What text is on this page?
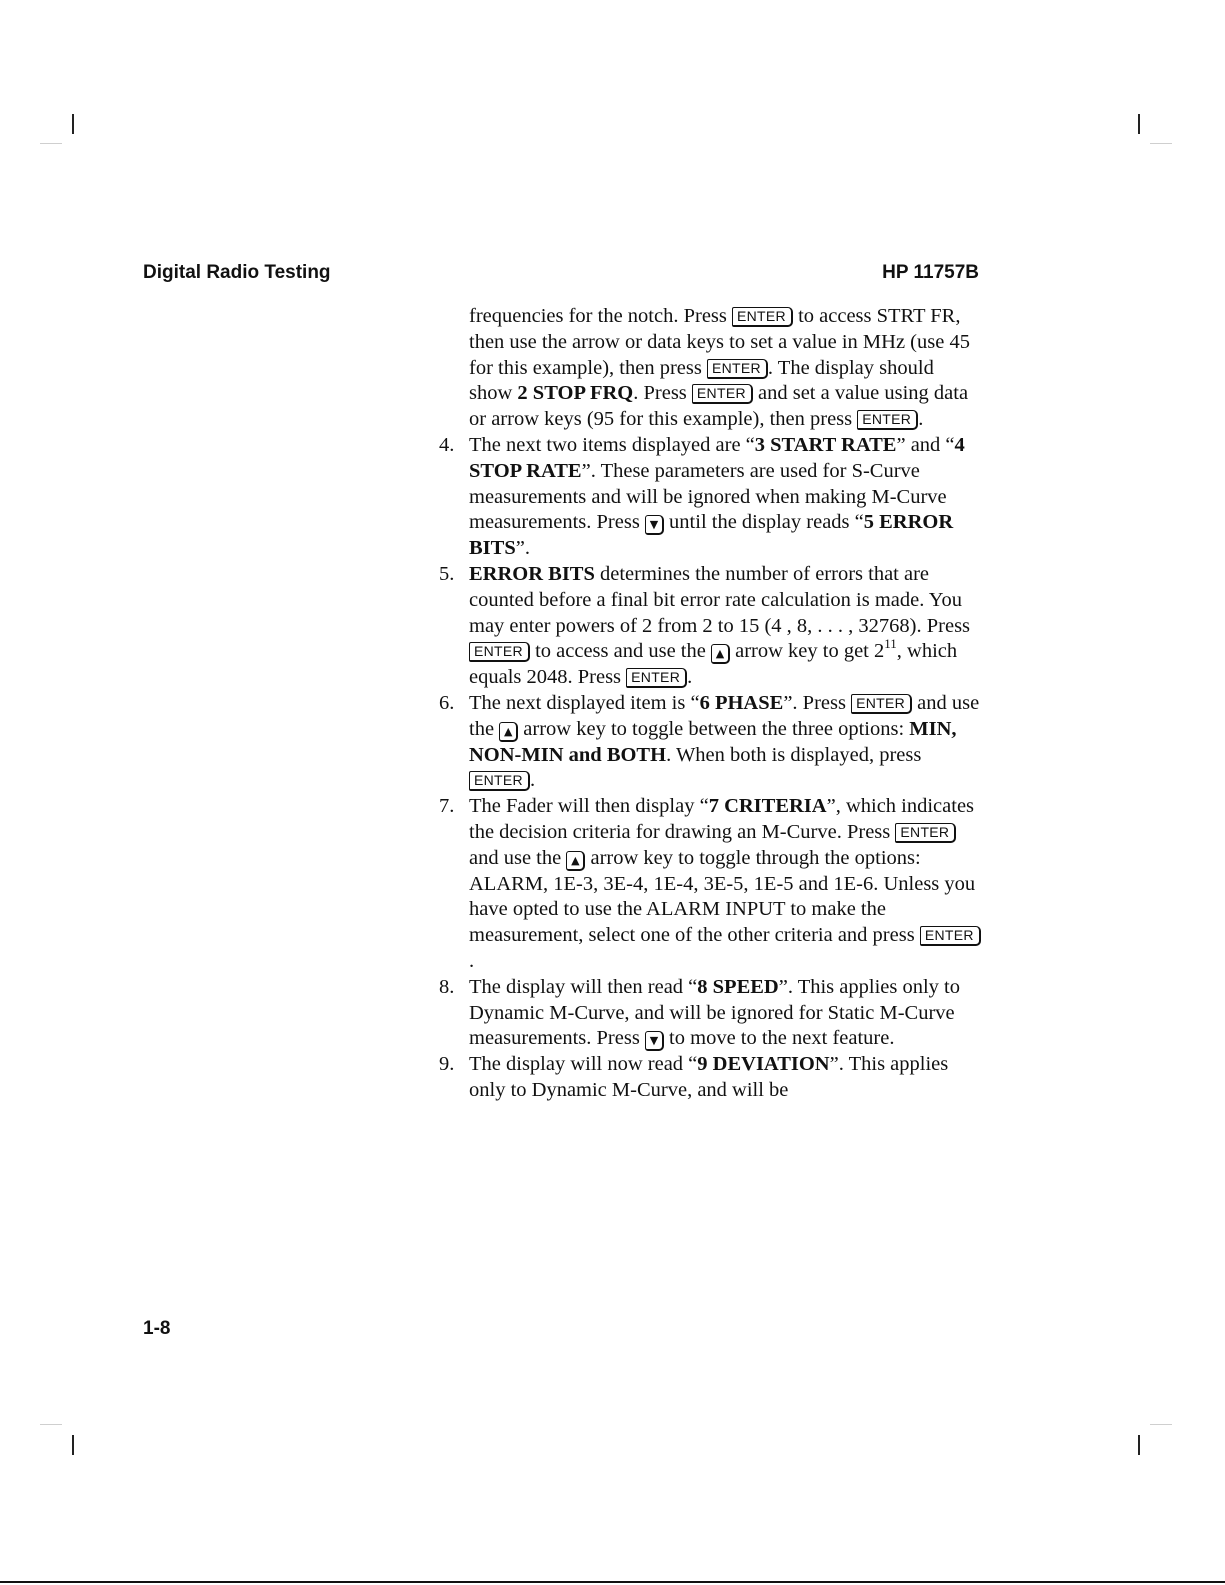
Digital Radio Testing	HP 11757B

frequencies for the notch. Press ENTER to access STRT FR, then use the arrow or data keys to set a value in MHz (use 45 for this example), then press ENTER . The display should show 2 STOP FRQ. Press ENTER and set a value using data or arrow keys (95 for this example), then press ENTER .

4. The next two items displayed are “3 START RATE” and “4 STOP RATE”. These parameters are used for S-Curve measurements and will be ignored when making M-Curve measurements. Press ▼ until the display reads “5 ERROR BITS”.

5. ERROR BITS determines the number of errors that are counted before a final bit error rate calculation is made. You may enter powers of 2 from 2 to 15 (4 , 8, . . . , 32768). Press ENTER to access and use the ▲ arrow key to get $2^{11}$, which equals 2048. Press ENTER .

6. The next displayed item is “6 PHASE”. Press ENTER and use the ▲ arrow key to toggle between the three options: MIN, NON-MIN and BOTH. When both is displayed, press ENTER .

7. The Fader will then display “7 CRITERIA”, which indicates the decision criteria for drawing an M-Curve. Press ENTER and use the ▲ arrow key to toggle through the options: ALARM, 1E-3, 3E-4, 1E-4, 3E-5, 1E-5 and 1E-6. Unless you have opted to use the ALARM INPUT to make the measurement, select one of the other criteria and press ENTER.

8. The display will then read “8 SPEED”. This applies only to Dynamic M-Curve, and will be ignored for Static M-Curve measurements. Press ▼ to move to the next feature.

9. The display will now read “9 DEVIATION”. This applies only to Dynamic M-Curve, and will be

1-8
